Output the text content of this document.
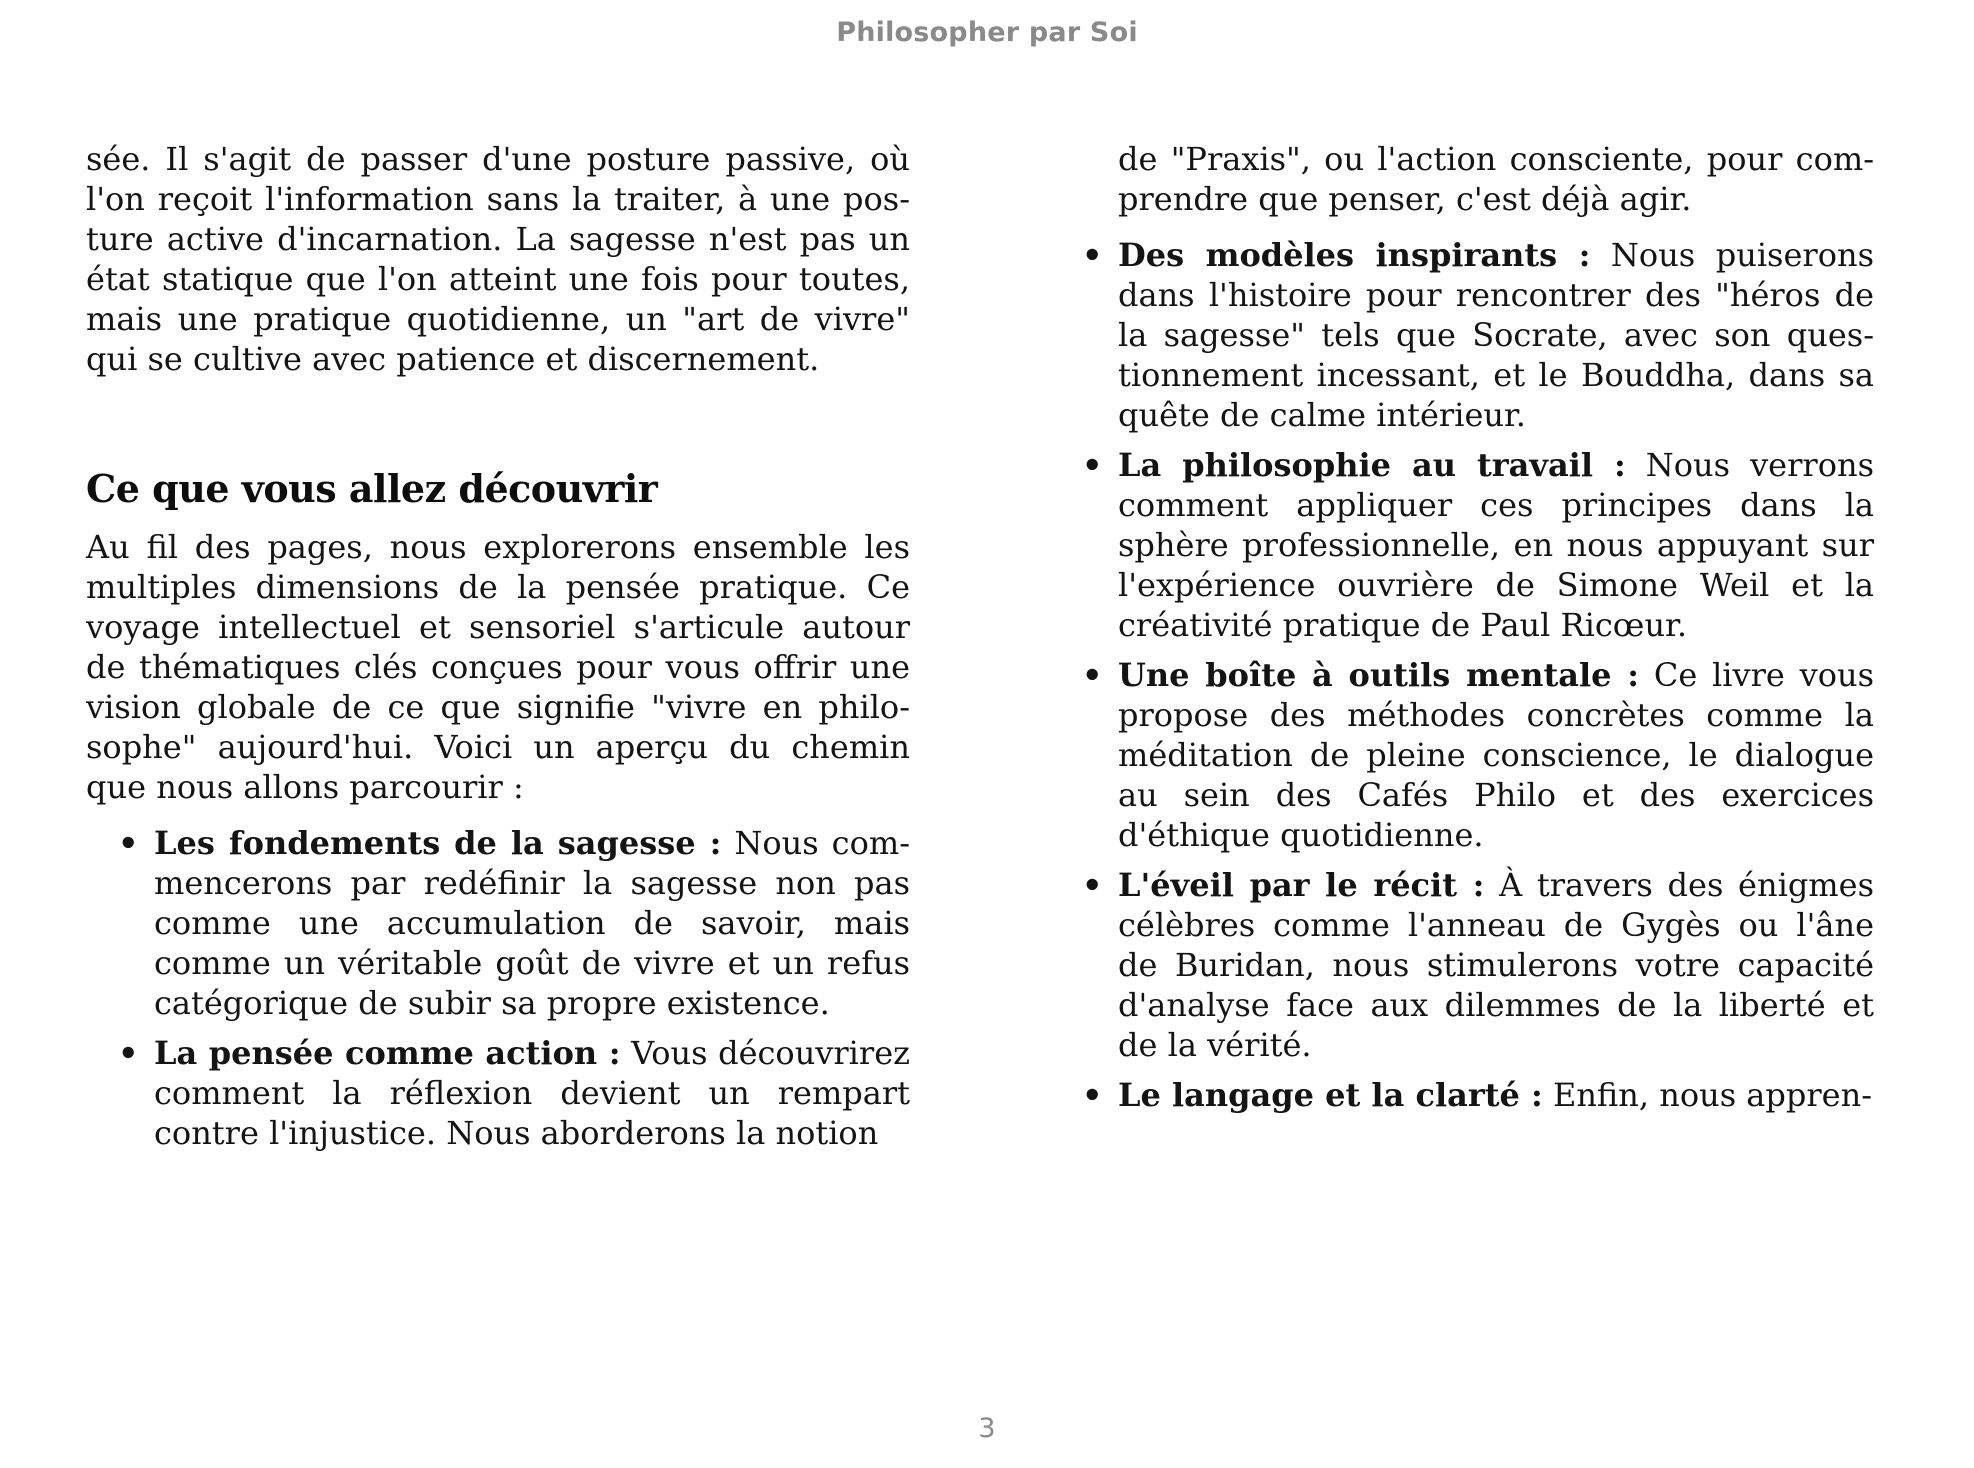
Philosopher par Soi

sée. Il s'agit de passer d'une posture passive, où l'on reçoit l'information sans la traiter, à une posture active d'incarnation. La sagesse n'est pas un état statique que l'on atteint une fois pour toutes, mais une pratique quotidienne, un "art de vivre" qui se cultive avec patience et discernement.

Ce que vous allez découvrir

Au fil des pages, nous explorerons ensemble les multiples dimensions de la pensée pratique. Ce voyage intellectuel et sensoriel s'articule autour de thématiques clés conçues pour vous offrir une vision globale de ce que signifie "vivre en philosophe" aujourd'hui. Voici un aperçu du chemin que nous allons parcourir :

• Les fondements de la sagesse : Nous commencerons par redéfinir la sagesse non pas comme une accumulation de savoir, mais comme un véritable goût de vivre et un refus catégorique de subir sa propre existence.
• La pensée comme action : Vous découvrirez comment la réflexion devient un rempart contre l'injustice. Nous aborderons la notion

de "Praxis", ou l'action consciente, pour comprendre que penser, c'est déjà agir.

• Des modèles inspirants : Nous puiserons dans l'histoire pour rencontrer des "héros de la sagesse" tels que Socrate, avec son questionnement incessant, et le Bouddha, dans sa quête de calme intérieur.
• La philosophie au travail : Nous verrons comment appliquer ces principes dans la sphère professionnelle, en nous appuyant sur l'expérience ouvrière de Simone Weil et la créativité pratique de Paul Ricœur.
• Une boîte à outils mentale : Ce livre vous propose des méthodes concrètes comme la méditation de pleine conscience, le dialogue au sein des Cafés Philo et des exercices d'éthique quotidienne.
• L'éveil par le récit : À travers des énigmes célèbres comme l'anneau de Gygès ou l'âne de Buridan, nous stimulerons votre capacité d'analyse face aux dilemmes de la liberté et de la vérité.
• Le langage et la clarté : Enfin, nous appren-
3
